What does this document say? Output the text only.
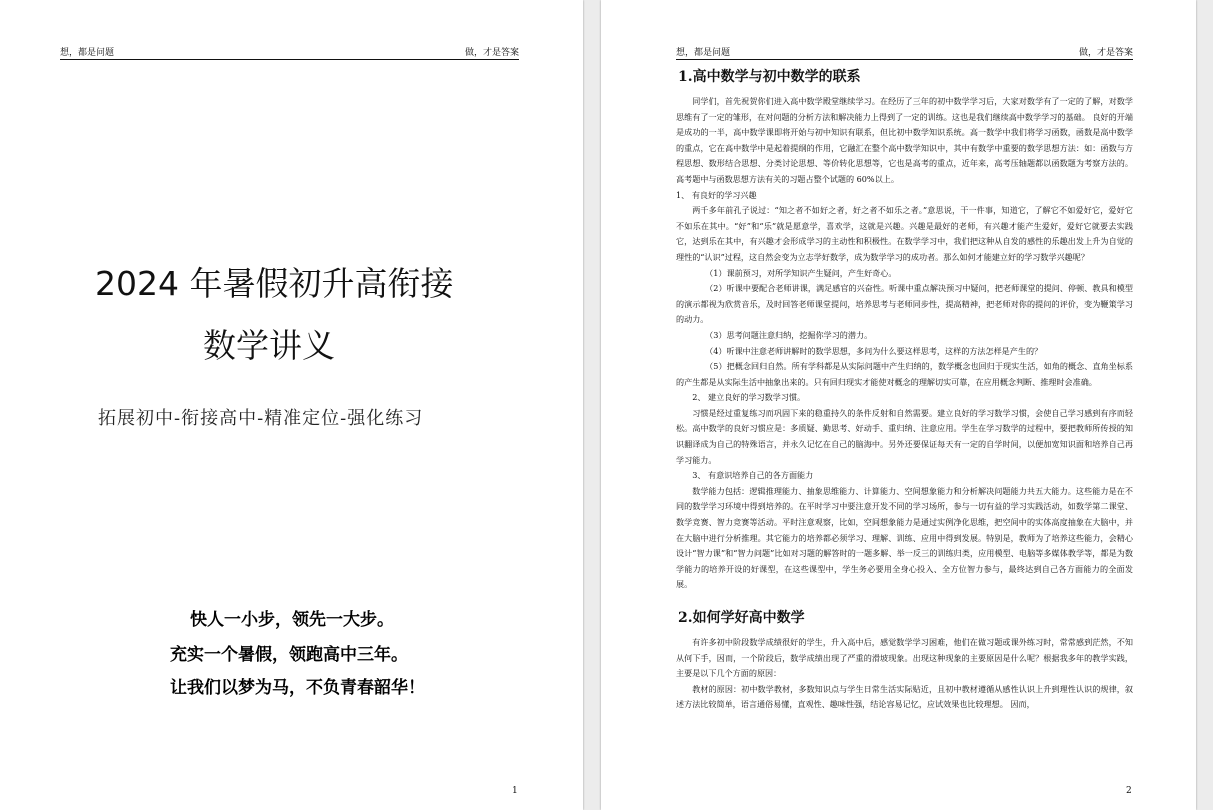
想，都是问题	做，才是答案
2024 年暑假初升高衔接
数学讲义
拓展初中-衔接高中-精准定位-强化练习
快人一小步，领先一大步。
充实一个暑假，领跑高中三年。
让我们以梦为马，不负青春韶华！
1
想，都是问题	做，才是答案
1.高中数学与初中数学的联系

同学们，首先祝贺你们进入高中数学殿堂继续学习。在经历了三年的初中数学学习后，大家对数学有了一定的了解，对数学思维有了一定的雏形，在对问题的分析方法和解决能力上得到了一定的训练。这也是我们继续高中数学学习的基础。 良好的开端是成功的一半，高中数学课即将开始与初中知识有联系，但比初中数学知识系统。高一数学中我们将学习函数，函数是高中数学的重点，它在高中数学中是起着提纲的作用，它融汇在整个高中数学知识中，其中有数学中重要的数学思想方法：如：函数与方程思想、数形结合思想、分类讨论思想、等价转化思想等，它也是高考的重点，近年来，高考压轴题都以函数题为考察方法的。高考题中与函数思想方法有关的习题占整个试题的 60%以上。

1、 有良好的学习兴趣

两千多年前孔子说过：“知之者不如好之者，好之者不如乐之者。”意思说，干一件事，知道它，了解它不如爱好它，爱好它不如乐在其中。“好”和“乐”就是愿意学，喜欢学，这就是兴趣。兴趣是最好的老师，有兴趣才能产生爱好，爱好它就要去实践它，达到乐在其中，有兴趣才会形成学习的主动性和积极性。在数学学习中，我们把这种从自发的感性的乐趣出发上升为自觉的理性的“认识”过程，这自然会变为立志学好数学，成为数学学习的成功者。那么如何才能建立好的学习数学兴趣呢？

（1）课前预习，对所学知识产生疑问，产生好奇心。

（2）听课中要配合老师讲课，满足感官的兴奋性。听课中重点解决预习中疑问，把老师课堂的提问、停顿、教具和模型的演示都视为欣赏音乐，及时回答老师课堂提问，培养思考与老师同步性，提高精神，把老师对你的提问的评价，变为鞭策学习的动力。

（3）思考问题注意归纳，挖掘你学习的潜力。

（4）听课中注意老师讲解时的数学思想，多问为什么要这样思考，这样的方法怎样是产生的？

（5）把概念回归自然。所有学科都是从实际问题中产生归纳的，数学概念也回归于现实生活，如角的概念、直角坐标系的产生都是从实际生活中抽象出来的。只有回归现实才能使对概念的理解切实可靠，在应用概念判断、推理时会准确。

2、 建立良好的学习数学习惯。

习惯是经过重复练习而巩固下来的稳重持久的条件反射和自然需要。建立良好的学习数学习惯，会使自己学习感到有序而轻松。高中数学的良好习惯应是：多质疑、勤思考、好动手、重归纳、注意应用。学生在学习数学的过程中，要把教师所传授的知识翻译成为自己的特殊语言，并永久记忆在自己的脑海中。另外还要保证每天有一定的自学时间，以便加宽知识面和培养自己再学习能力。

3、 有意识培养自己的各方面能力

数学能力包括：逻辑推理能力、抽象思维能力、计算能力、空间想象能力和分析解决问题能力共五大能力。这些能力是在不同的数学学习环境中得到培养的。在平时学习中要注意开发不同的学习场所，参与一切有益的学习实践活动，如数学第二课堂、数学竞赛、智力竞赛等活动。平时注意观察，比如，空间想象能力是通过实例净化思维，把空间中的实体高度抽象在大脑中，并在大脑中进行分析推理。其它能力的培养都必须学习、理解、训练、应用中得到发展。特别是，教师为了培养这些能力，会精心设计“智力课”和“智力问题”比如对习题的解答时的一题多解、举一反三的训练归类，应用模型、电脑等多媒体教学等，都是为数学能力的培养开设的好课型，在这些课型中，学生务必要用全身心投入、全方位智力参与，最终达到自己各方面能力的全面发展。

2.如何学好高中数学

有许多初中阶段数学成绩很好的学生，升入高中后，感觉数学学习困难，他们在做习题或课外练习时，常常感到茫然，不知从何下手，因而，一个阶段后，数学成绩出现了严重的滑坡现象。出现这种现象的主要原因是什么呢？根据我多年的教学实践，主要是以下几个方面的原因：

教材的原因：初中数学教材，多数知识点与学生日常生活实际贴近，且初中教材遵循从感性认识上升到理性认识的规律，叙述方法比较简单，语言通俗易懂，直观性、趣味性强，结论容易记忆，应试效果也比较理想。 因而，

2
